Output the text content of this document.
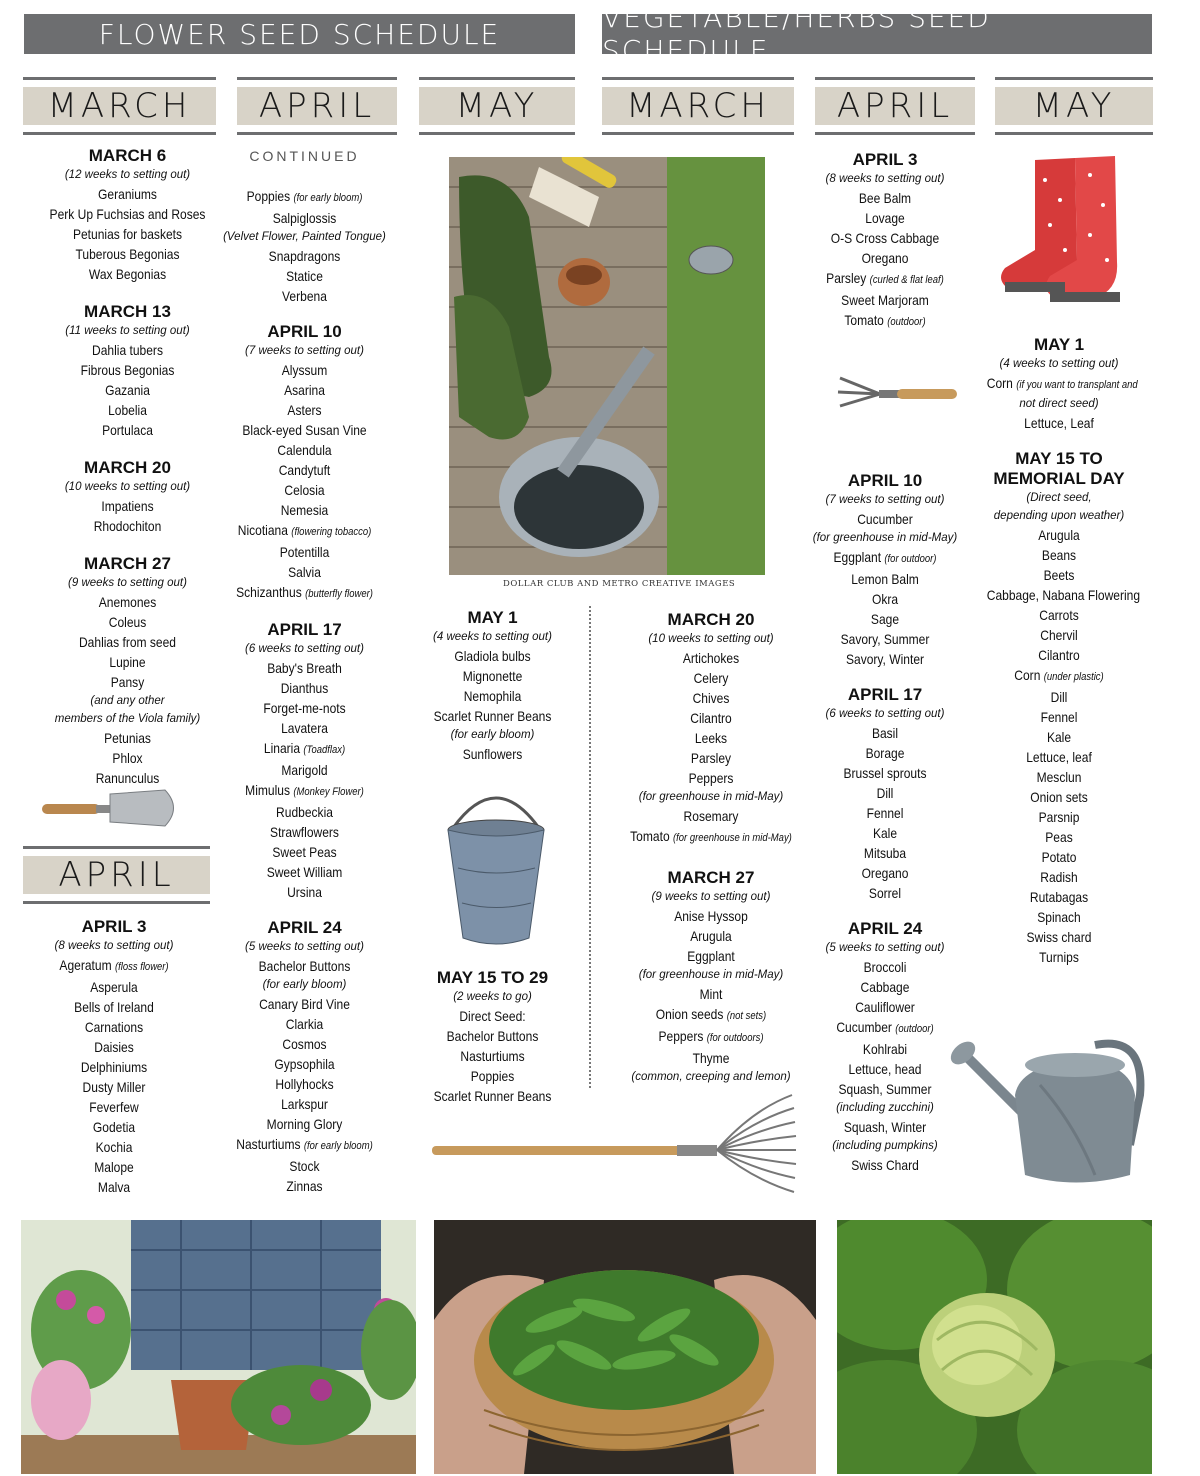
FLOWER SEED SCHEDULE	VEGETABLE/HERBS SEED SCHEDULE
MARCH	APRIL	MAY	MARCH	APRIL	MAY
APRIL
MARCH 6
(12 weeks to setting out)
Geraniums
Perk Up Fuchsias and Roses
Petunias for baskets
Tuberous Begonias
Wax Begonias
MARCH 13
(11 weeks to setting out)
Dahlia tubers
Fibrous Begonias
Gazania
Lobelia
Portulaca
MARCH 20
(10 weeks to setting out)
Impatiens
Rhodochiton
MARCH 27
(9 weeks to setting out)
Anemones
Coleus
Dahlias from seed
Lupine
Pansy
(and any other
members of the Viola family)
Petunias
Phlox
Ranunculus
APRIL 3
(8 weeks to setting out)
Ageratum (floss flower)
Asperula
Bells of Ireland
Carnations
Daisies
Delphiniums
Dusty Miller
Feverfew
Godetia
Kochia
Malope
Malva
CONTINUED
Poppies (for early bloom)
Salpiglossis
(Velvet Flower, Painted Tongue)
Snapdragons
Statice
Verbena
APRIL 10
(7 weeks to setting out)
Alyssum
Asarina
Asters
Black-eyed Susan Vine
Calendula
Candytuft
Celosia
Nemesia
Nicotiana (flowering tobacco)
Potentilla
Salvia
Schizanthus (butterfly flower)
APRIL 17
(6 weeks to setting out)
Baby's Breath
Dianthus
Forget-me-nots
Lavatera
Linaria (Toadflax)
Marigold
Mimulus (Monkey Flower)
Rudbeckia
Strawflowers
Sweet Peas
Sweet William
Ursina
APRIL 24
(5 weeks to setting out)
Bachelor Buttons
(for early bloom)
Canary Bird Vine
Clarkia
Cosmos
Gypsophila
Hollyhocks
Larkspur
Morning Glory
Nasturtiums (for early bloom)
Stock
Zinnas
DOLLAR CLUB AND METRO CREATIVE IMAGES
MAY 1
(4 weeks to setting out)
Gladiola bulbs
Mignonette
Nemophila
Scarlet Runner Beans
(for early bloom)
Sunflowers
MAY 15 TO 29
(2 weeks to go)
Direct Seed:
Bachelor Buttons
Nasturtiums
Poppies
Scarlet Runner Beans
MARCH 20
(10 weeks to setting out)
Artichokes
Celery
Chives
Cilantro
Leeks
Parsley
Peppers
(for greenhouse in mid-May)
Rosemary
Tomato (for greenhouse in mid-May)
MARCH 27
(9 weeks to setting out)
Anise Hyssop
Arugula
Eggplant
(for greenhouse in mid-May)
Mint
Onion seeds (not sets)
Peppers (for outdoors)
Thyme
(common, creeping and lemon)
APRIL 3
(8 weeks to setting out)
Bee Balm
Lovage
O-S Cross Cabbage
Oregano
Parsley (curled & flat leaf)
Sweet Marjoram
Tomato (outdoor)
APRIL 10
(7 weeks to setting out)
Cucumber
(for greenhouse in mid-May)
Eggplant (for outdoor)
Lemon Balm
Okra
Sage
Savory, Summer
Savory, Winter
APRIL 17
(6 weeks to setting out)
Basil
Borage
Brussel sprouts
Dill
Fennel
Kale
Mitsuba
Oregano
Sorrel
APRIL 24
(5 weeks to setting out)
Broccoli
Cabbage
Cauliflower
Cucumber (outdoor)
Kohlrabi
Lettuce, head
Squash, Summer
(including zucchini)
Squash, Winter
(including pumpkins)
Swiss Chard
MAY 1
(4 weeks to setting out)
Corn (if you want to transplant and
not direct seed)
Lettuce, Leaf
MAY 15 TO
MEMORIAL DAY
(Direct seed,
depending upon weather)
Arugula
Beans
Beets
Cabbage, Nabana Flowering
Carrots
Chervil
Cilantro
Corn (under plastic)
Dill
Fennel
Kale
Lettuce, leaf
Mesclun
Onion sets
Parsnip
Peas
Potato
Radish
Rutabagas
Spinach
Swiss chard
Turnips
